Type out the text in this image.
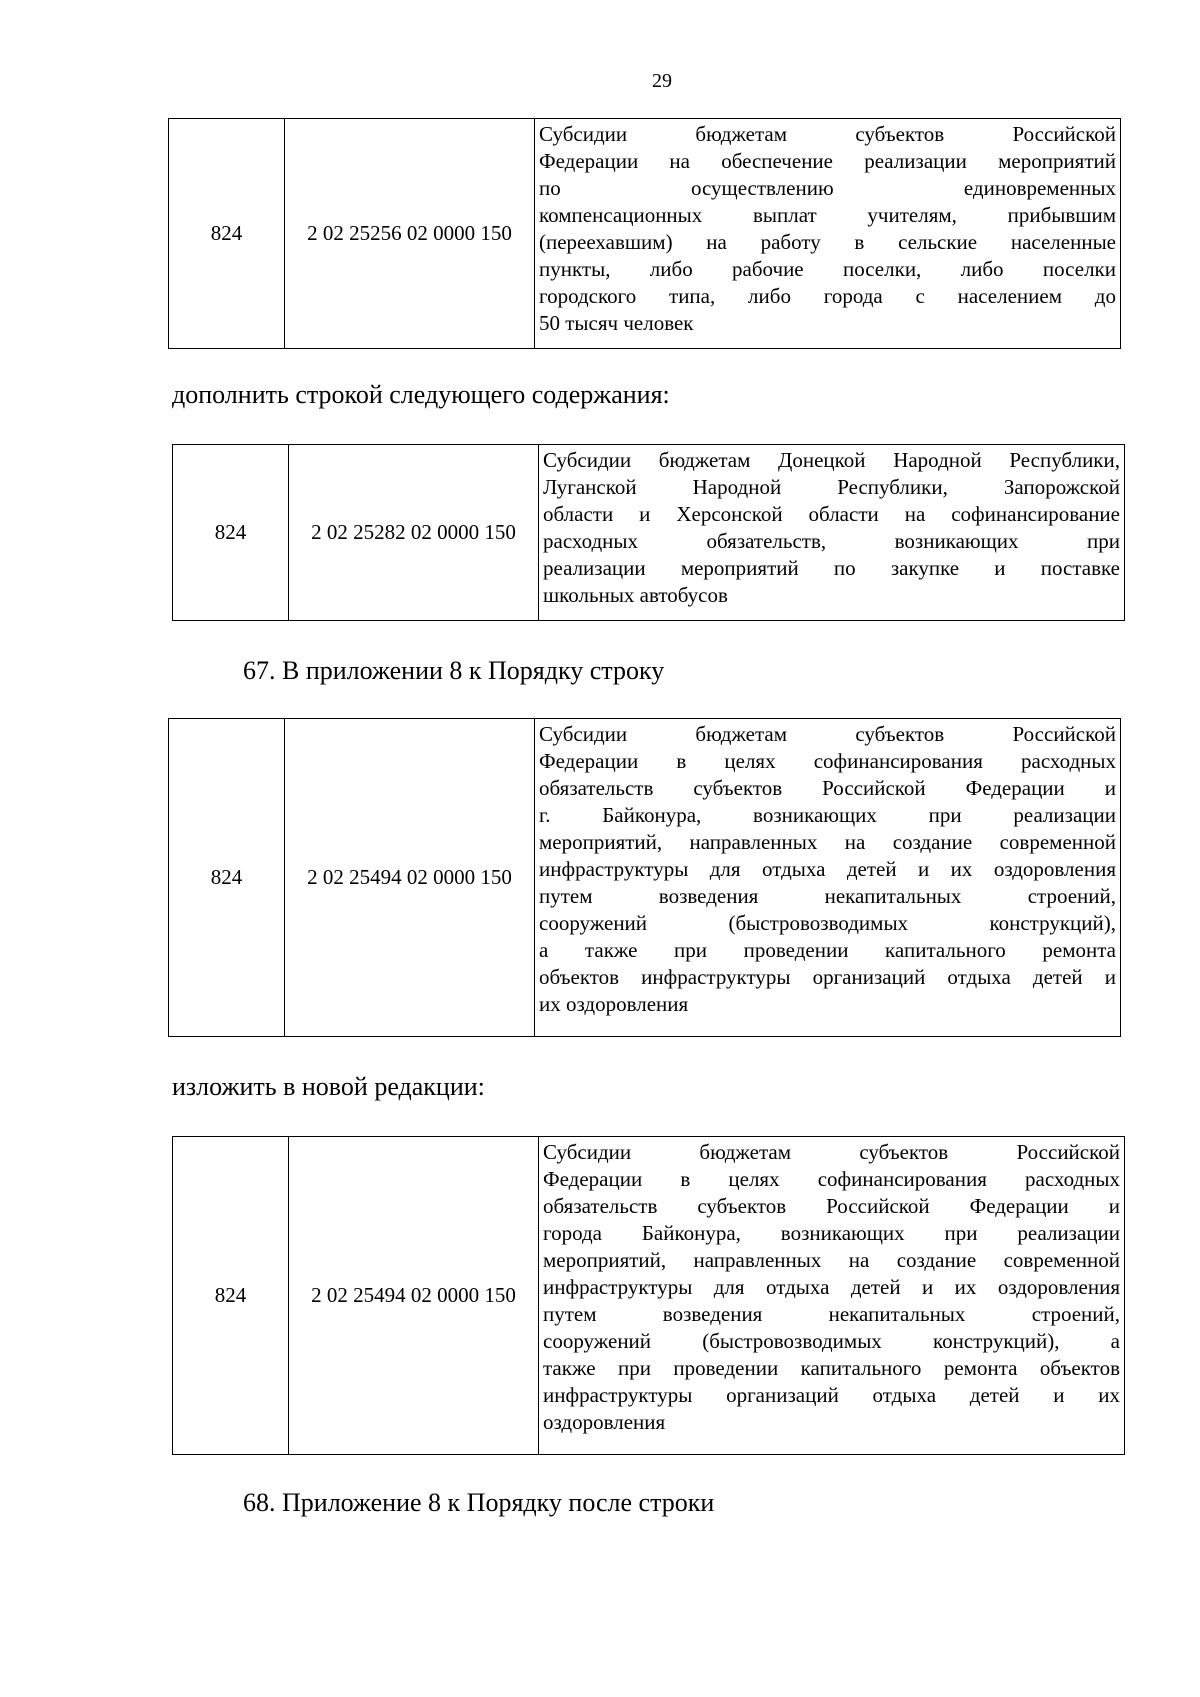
29
824	2 02 25256 02 0000 150	
Субсидии бюджетам субъектов Российской
Федерации на обеспечение реализации мероприятий
по осуществлению единовременных
компенсационных выплат учителям, прибывшим
(переехавшим) на работу в сельские населенные
пункты, либо рабочие поселки, либо поселки
городского типа, либо города с населением до
50 тысяч человек
дополнить строкой следующего содержания:
824	2 02 25282 02 0000 150	
Субсидии бюджетам Донецкой Народной Республики,
Луганской Народной Республики, Запорожской
области и Херсонской области на софинансирование
расходных обязательств, возникающих при
реализации мероприятий по закупке и поставке
школьных автобусов
67. В приложении 8 к Порядку строку
824	2 02 25494 02 0000 150	
Субсидии бюджетам субъектов Российской
Федерации в целях софинансирования расходных
обязательств субъектов Российской Федерации и
г. Байконура, возникающих при реализации
мероприятий, направленных на создание современной
инфраструктуры для отдыха детей и их оздоровления
путем возведения некапитальных строений,
сооружений (быстровозводимых конструкций),
а также при проведении капитального ремонта
объектов инфраструктуры организаций отдыха детей и
их оздоровления
изложить в новой редакции:
824	2 02 25494 02 0000 150	
Субсидии бюджетам субъектов Российской
Федерации в целях софинансирования расходных
обязательств субъектов Российской Федерации и
города Байконура, возникающих при реализации
мероприятий, направленных на создание современной
инфраструктуры для отдыха детей и их оздоровления
путем возведения некапитальных строений,
сооружений (быстровозводимых конструкций), а
также при проведении капитального ремонта объектов
инфраструктуры организаций отдыха детей и их
оздоровления
68. Приложение 8 к Порядку после строки
